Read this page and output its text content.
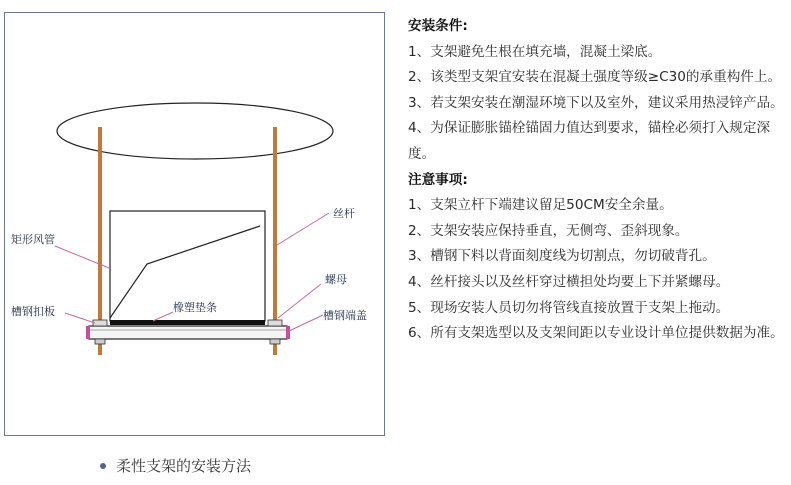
丝杆
矩形风管
螺母
槽钢扣板	橡塑垫条
槽钢端盖
安装条件:

1、支架避免生根在填充墙，混凝土梁底。

2、该类型支架宜安装在混凝土强度等级≥C30的承重构件上。

3、若支架安装在潮湿环境下以及室外，建议采用热浸锌产品。

4、为保证膨胀锚栓锚固力值达到要求，锚栓必须打入规定深度。

注意事项:

1、支架立杆下端建议留足50CM安全余量。

2、支架安装应保持垂直，无侧弯、歪斜现象。

3、槽钢下料以背面刻度线为切割点，勿切破背孔。

4、丝杆接头以及丝杆穿过横担处均要上下并紧螺母。

5、现场安装人员切勿将管线直接放置于支架上拖动。

6、所有支架选型以及支架间距以专业设计单位提供数据为准。

柔性支架的安装方法
